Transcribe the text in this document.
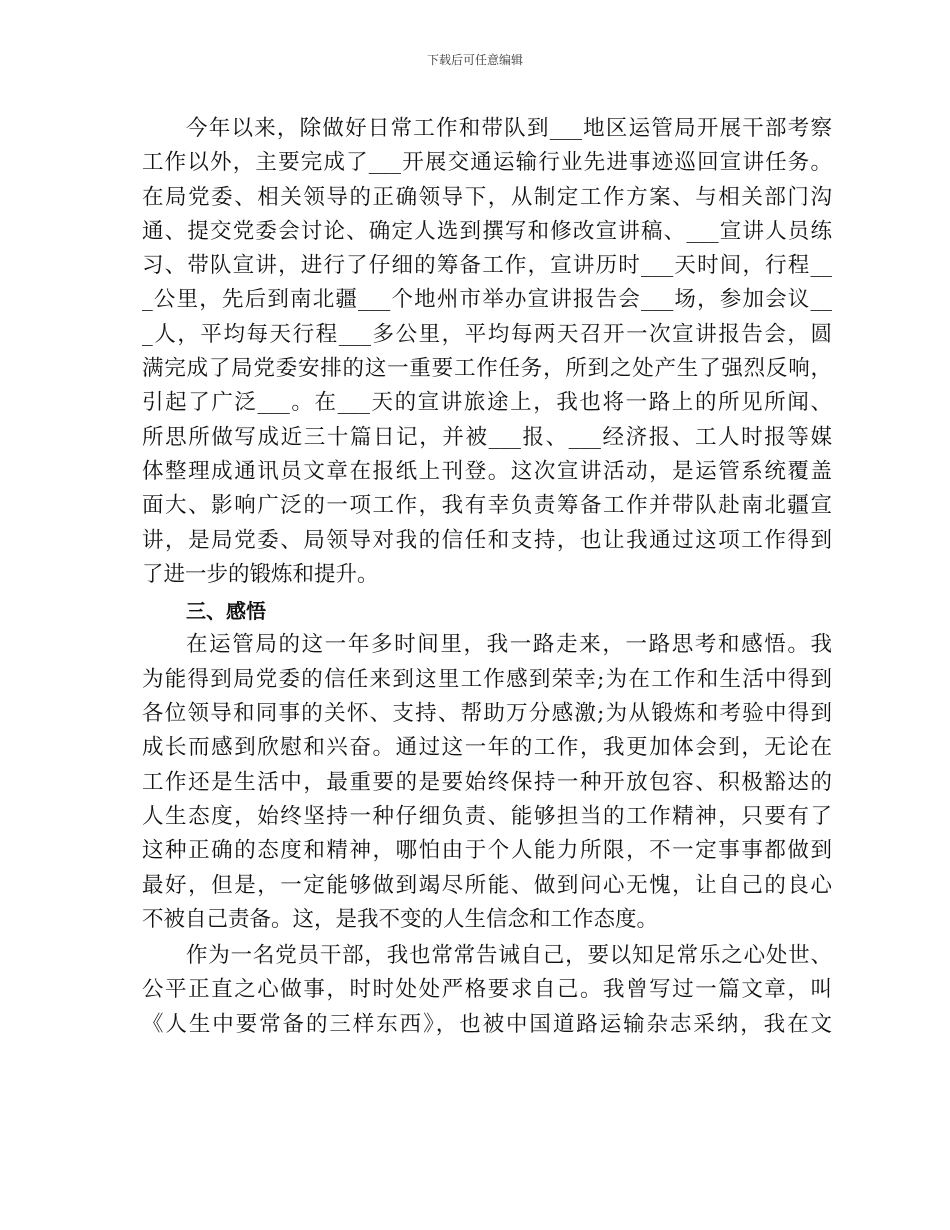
下载后可任意编辑
今年以来，除做好日常工作和带队到___地区运管局开展干部考察
工作以外，主要完成了___开展交通运输行业先进事迹巡回宣讲任务。
在局党委、相关领导的正确领导下，从制定工作方案、与相关部门沟
通、提交党委会讨论、确定人选到撰写和修改宣讲稿、___宣讲人员练
习、带队宣讲，进行了仔细的筹备工作，宣讲历时___天时间，行程__
_公里，先后到南北疆___个地州市举办宣讲报告会___场，参加会议__
_人，平均每天行程___多公里，平均每两天召开一次宣讲报告会，圆
满完成了局党委安排的这一重要工作任务，所到之处产生了强烈反响，
引起了广泛___。在___天的宣讲旅途上，我也将一路上的所见所闻、
所思所做写成近三十篇日记，并被___报、___经济报、工人时报等媒
体整理成通讯员文章在报纸上刊登。这次宣讲活动，是运管系统覆盖
面大、影响广泛的一项工作，我有幸负责筹备工作并带队赴南北疆宣
讲，是局党委、局领导对我的信任和支持，也让我通过这项工作得到
了进一步的锻炼和提升。
三、感悟
在运管局的这一年多时间里，我一路走来，一路思考和感悟。我
为能得到局党委的信任来到这里工作感到荣幸;为在工作和生活中得到
各位领导和同事的关怀、支持、帮助万分感激;为从锻炼和考验中得到
成长而感到欣慰和兴奋。通过这一年的工作，我更加体会到，无论在
工作还是生活中，最重要的是要始终保持一种开放包容、积极豁达的
人生态度，始终坚持一种仔细负责、能够担当的工作精神，只要有了
这种正确的态度和精神，哪怕由于个人能力所限，不一定事事都做到
最好，但是，一定能够做到竭尽所能、做到问心无愧，让自己的良心
不被自己责备。这，是我不变的人生信念和工作态度。
作为一名党员干部，我也常常告诫自己，要以知足常乐之心处世、
公平正直之心做事，时时处处严格要求自己。我曾写过一篇文章，叫
《人生中要常备的三样东西》，也被中国道路运输杂志采纳，我在文
